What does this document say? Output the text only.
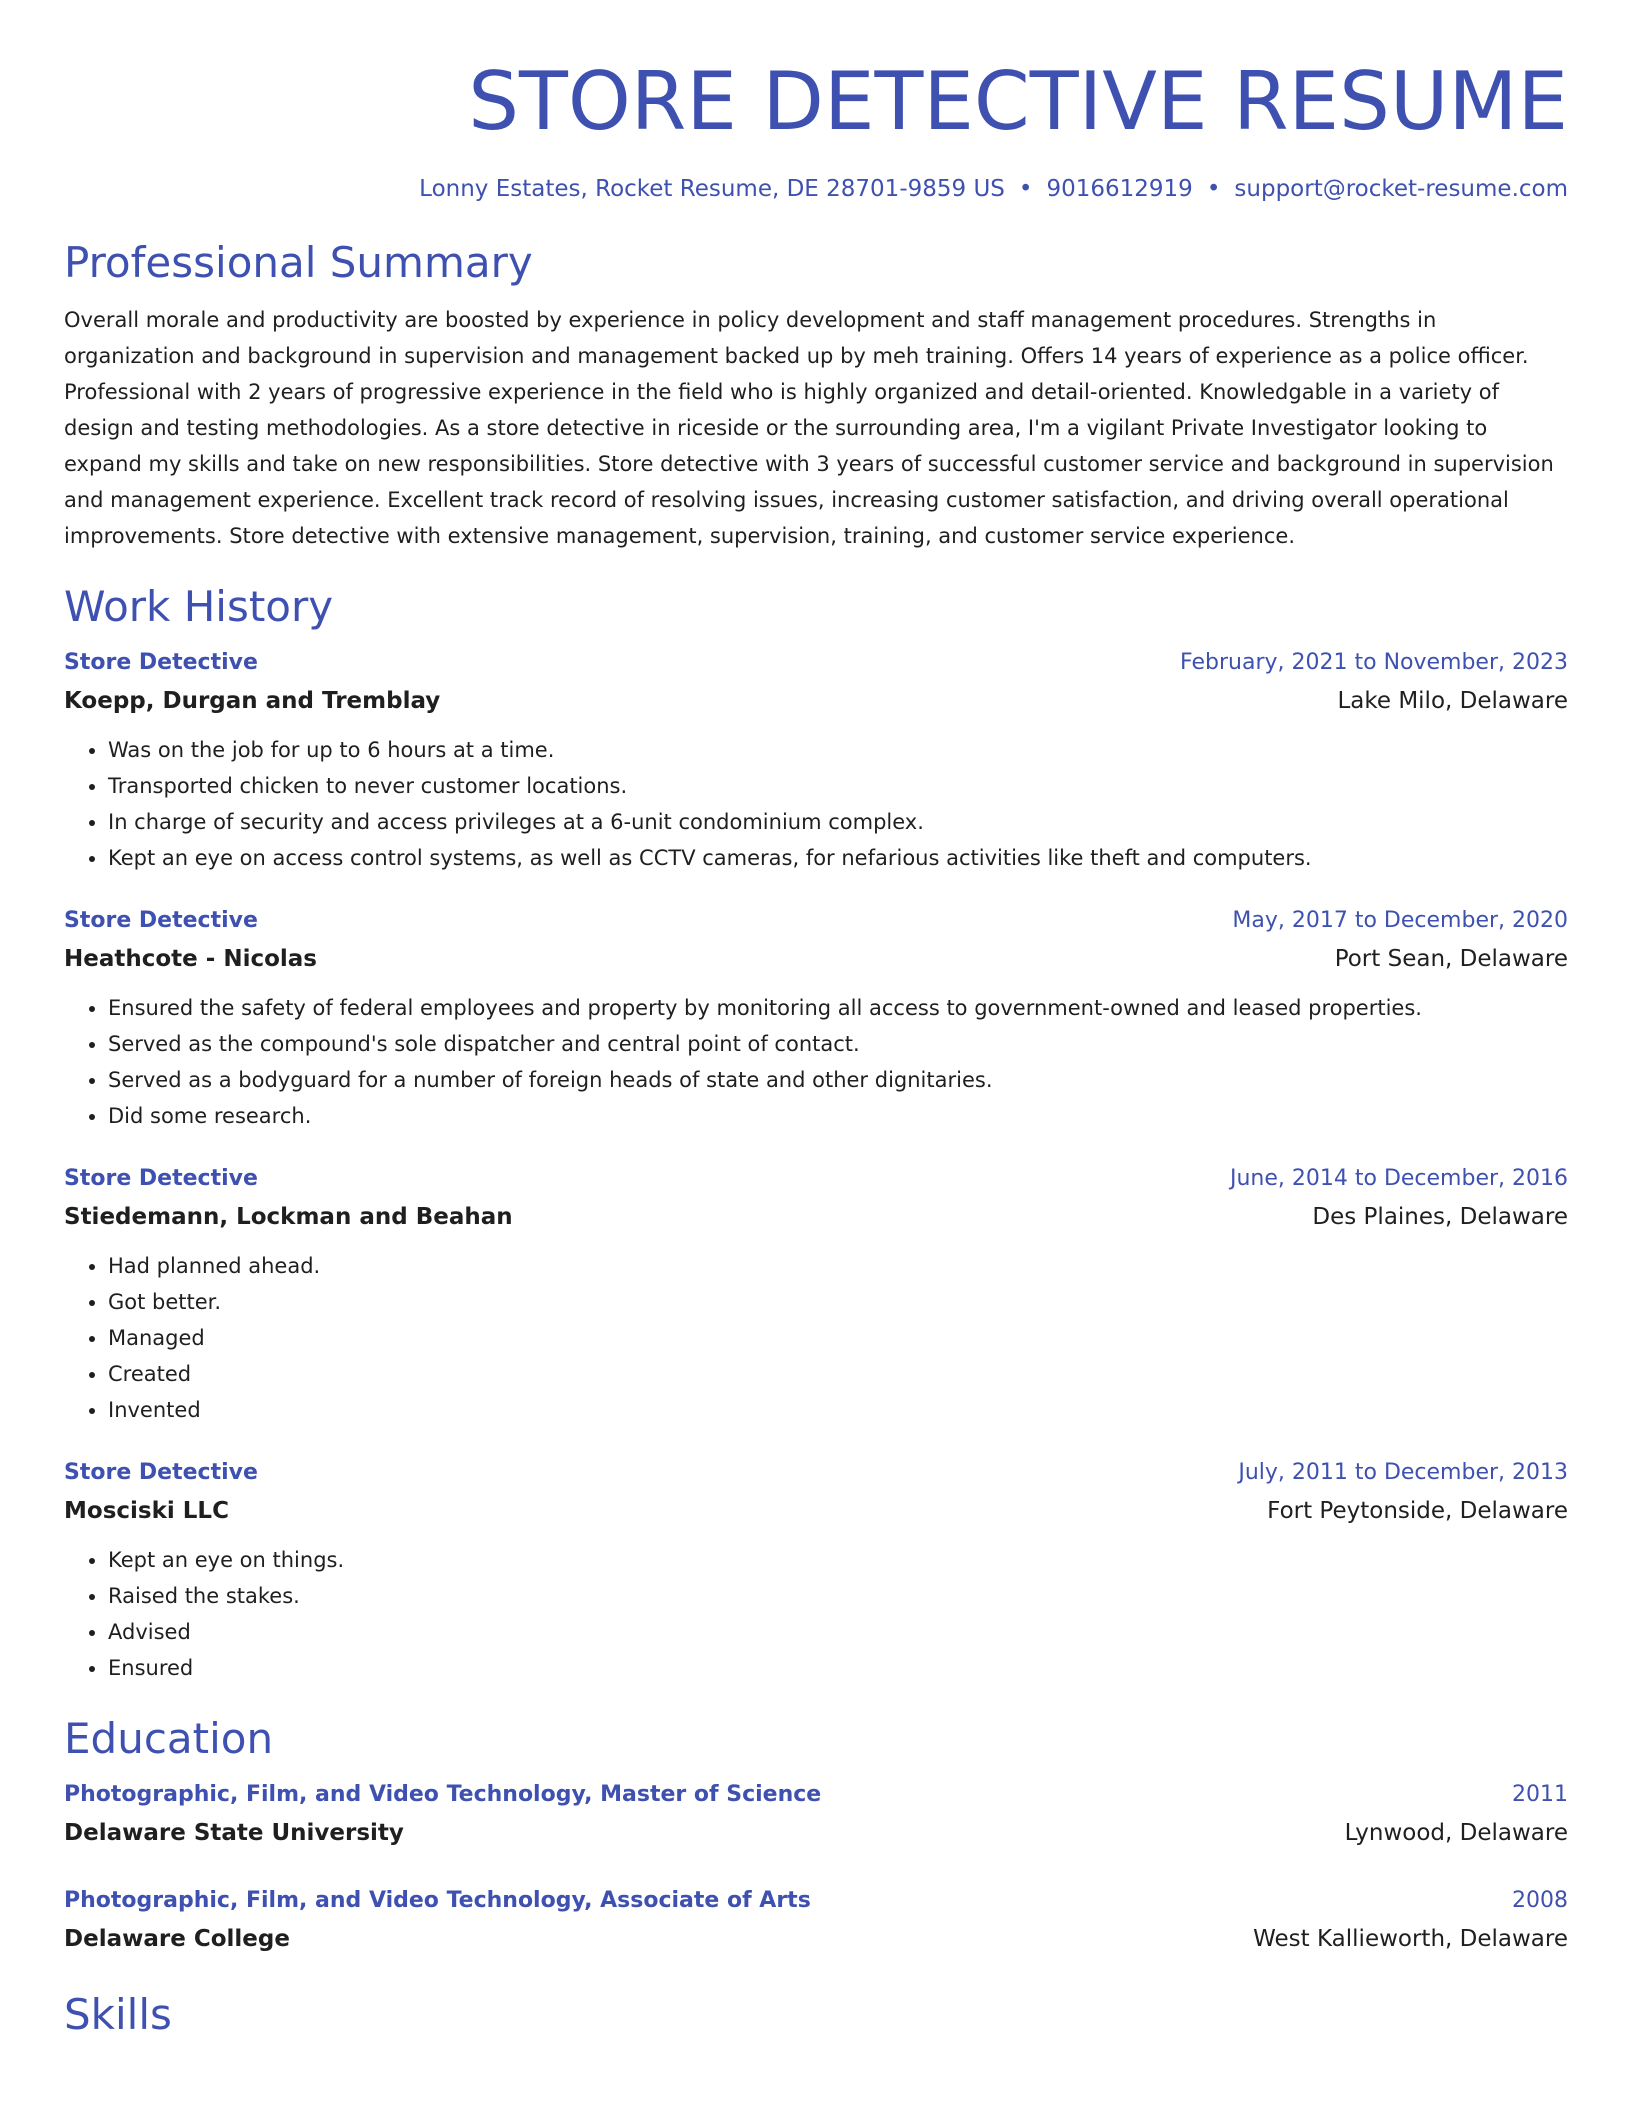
STORE DETECTIVE RESUME
Lonny Estates, Rocket Resume, DE 28701-9859 US • 9016612919 • support@rocket-resume.com
Professional Summary

Overall morale and productivity are boosted by experience in policy development and staff management procedures. Strengths in organization and background in supervision and management backed up by meh training. Offers 14 years of experience as a police officer. Professional with 2 years of progressive experience in the field who is highly organized and detail-oriented. Knowledgable in a variety of design and testing methodologies. As a store detective in riceside or the surrounding area, I'm a vigilant Private Investigator looking to expand my skills and take on new responsibilities. Store detective with 3 years of successful customer service and background in supervision and management experience. Excellent track record of resolving issues, increasing customer satisfaction, and driving overall operational improvements. Store detective with extensive management, supervision, training, and customer service experience.

Work History
Store Detective	February, 2021 to November, 2023
Koepp, Durgan and Tremblay	Lake Milo, Delaware
• Was on the job for up to 6 hours at a time.
• Transported chicken to never customer locations.
• In charge of security and access privileges at a 6-unit condominium complex.
• Kept an eye on access control systems, as well as CCTV cameras, for nefarious activities like theft and computers.
Store Detective	May, 2017 to December, 2020
Heathcote - Nicolas	Port Sean, Delaware
• Ensured the safety of federal employees and property by monitoring all access to government-owned and leased properties.
• Served as the compound's sole dispatcher and central point of contact.
• Served as a bodyguard for a number of foreign heads of state and other dignitaries.
• Did some research.
Store Detective	June, 2014 to December, 2016
Stiedemann, Lockman and Beahan	Des Plaines, Delaware
• Had planned ahead.
• Got better.
• Managed
• Created
• Invented
Store Detective	July, 2011 to December, 2013
Mosciski LLC	Fort Peytonside, Delaware
• Kept an eye on things.
• Raised the stakes.
• Advised
• Ensured
Education
Photographic, Film, and Video Technology, Master of Science	2011
Delaware State University	Lynwood, Delaware
Photographic, Film, and Video Technology, Associate of Arts	2008
Delaware College	West Kallieworth, Delaware
Skills
